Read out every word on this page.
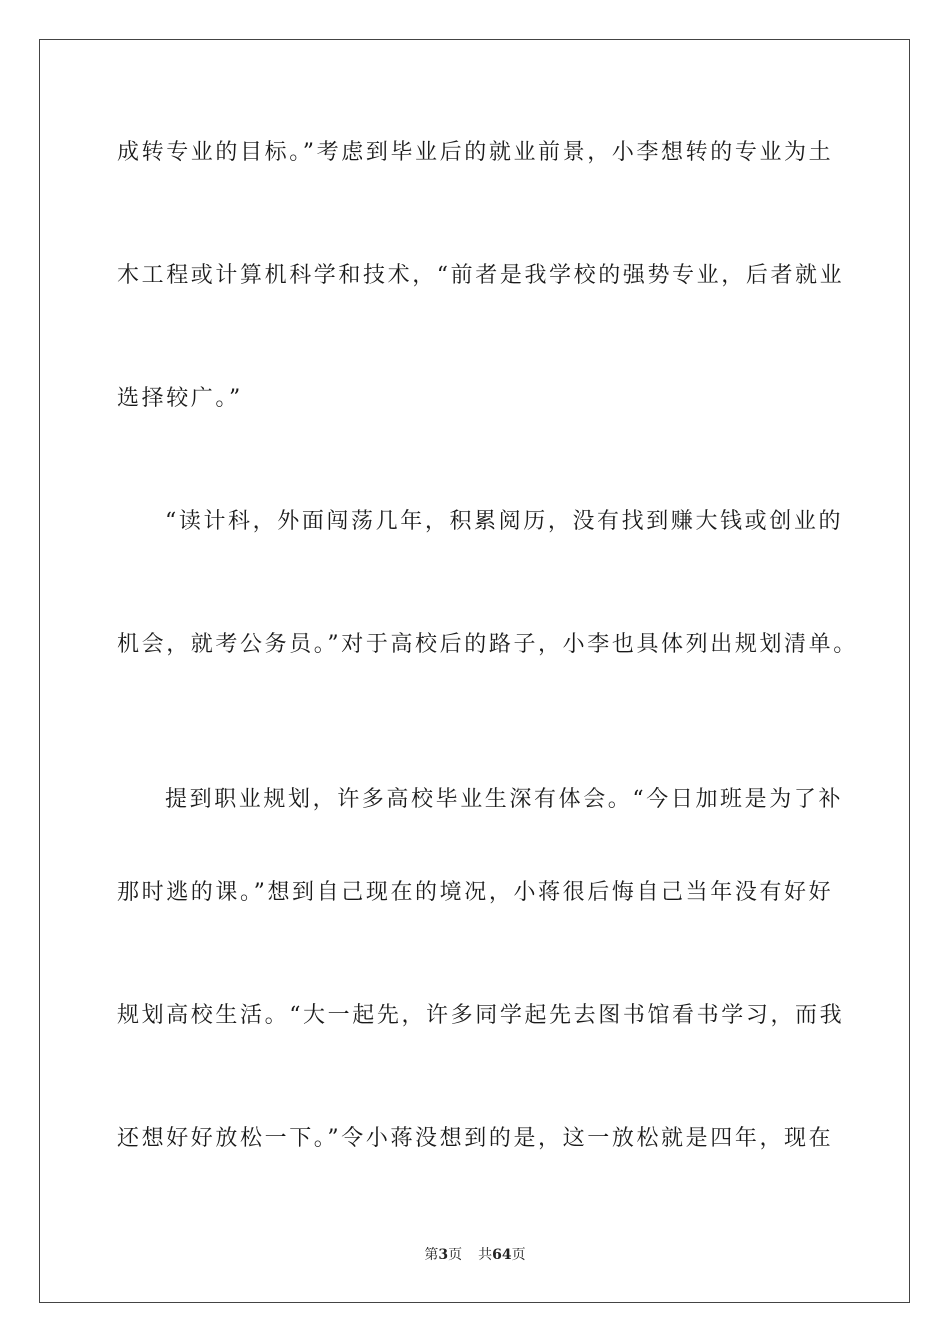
成转专业的目标。”考虑到毕业后的就业前景，小李想转的专业为土
木工程或计算机科学和技术，“前者是我学校的强势专业，后者就业
选择较广。”
“读计科，外面闯荡几年，积累阅历，没有找到赚大钱或创业的
机会，就考公务员。”对于高校后的路子，小李也具体列出规划清单。
提到职业规划，许多高校毕业生深有体会。“今日加班是为了补
那时逃的课。”想到自己现在的境况，小蒋很后悔自己当年没有好好
规划高校生活。“大一起先，许多同学起先去图书馆看书学习，而我
还想好好放松一下。”令小蒋没想到的是，这一放松就是四年，现在
第3页 共64页
